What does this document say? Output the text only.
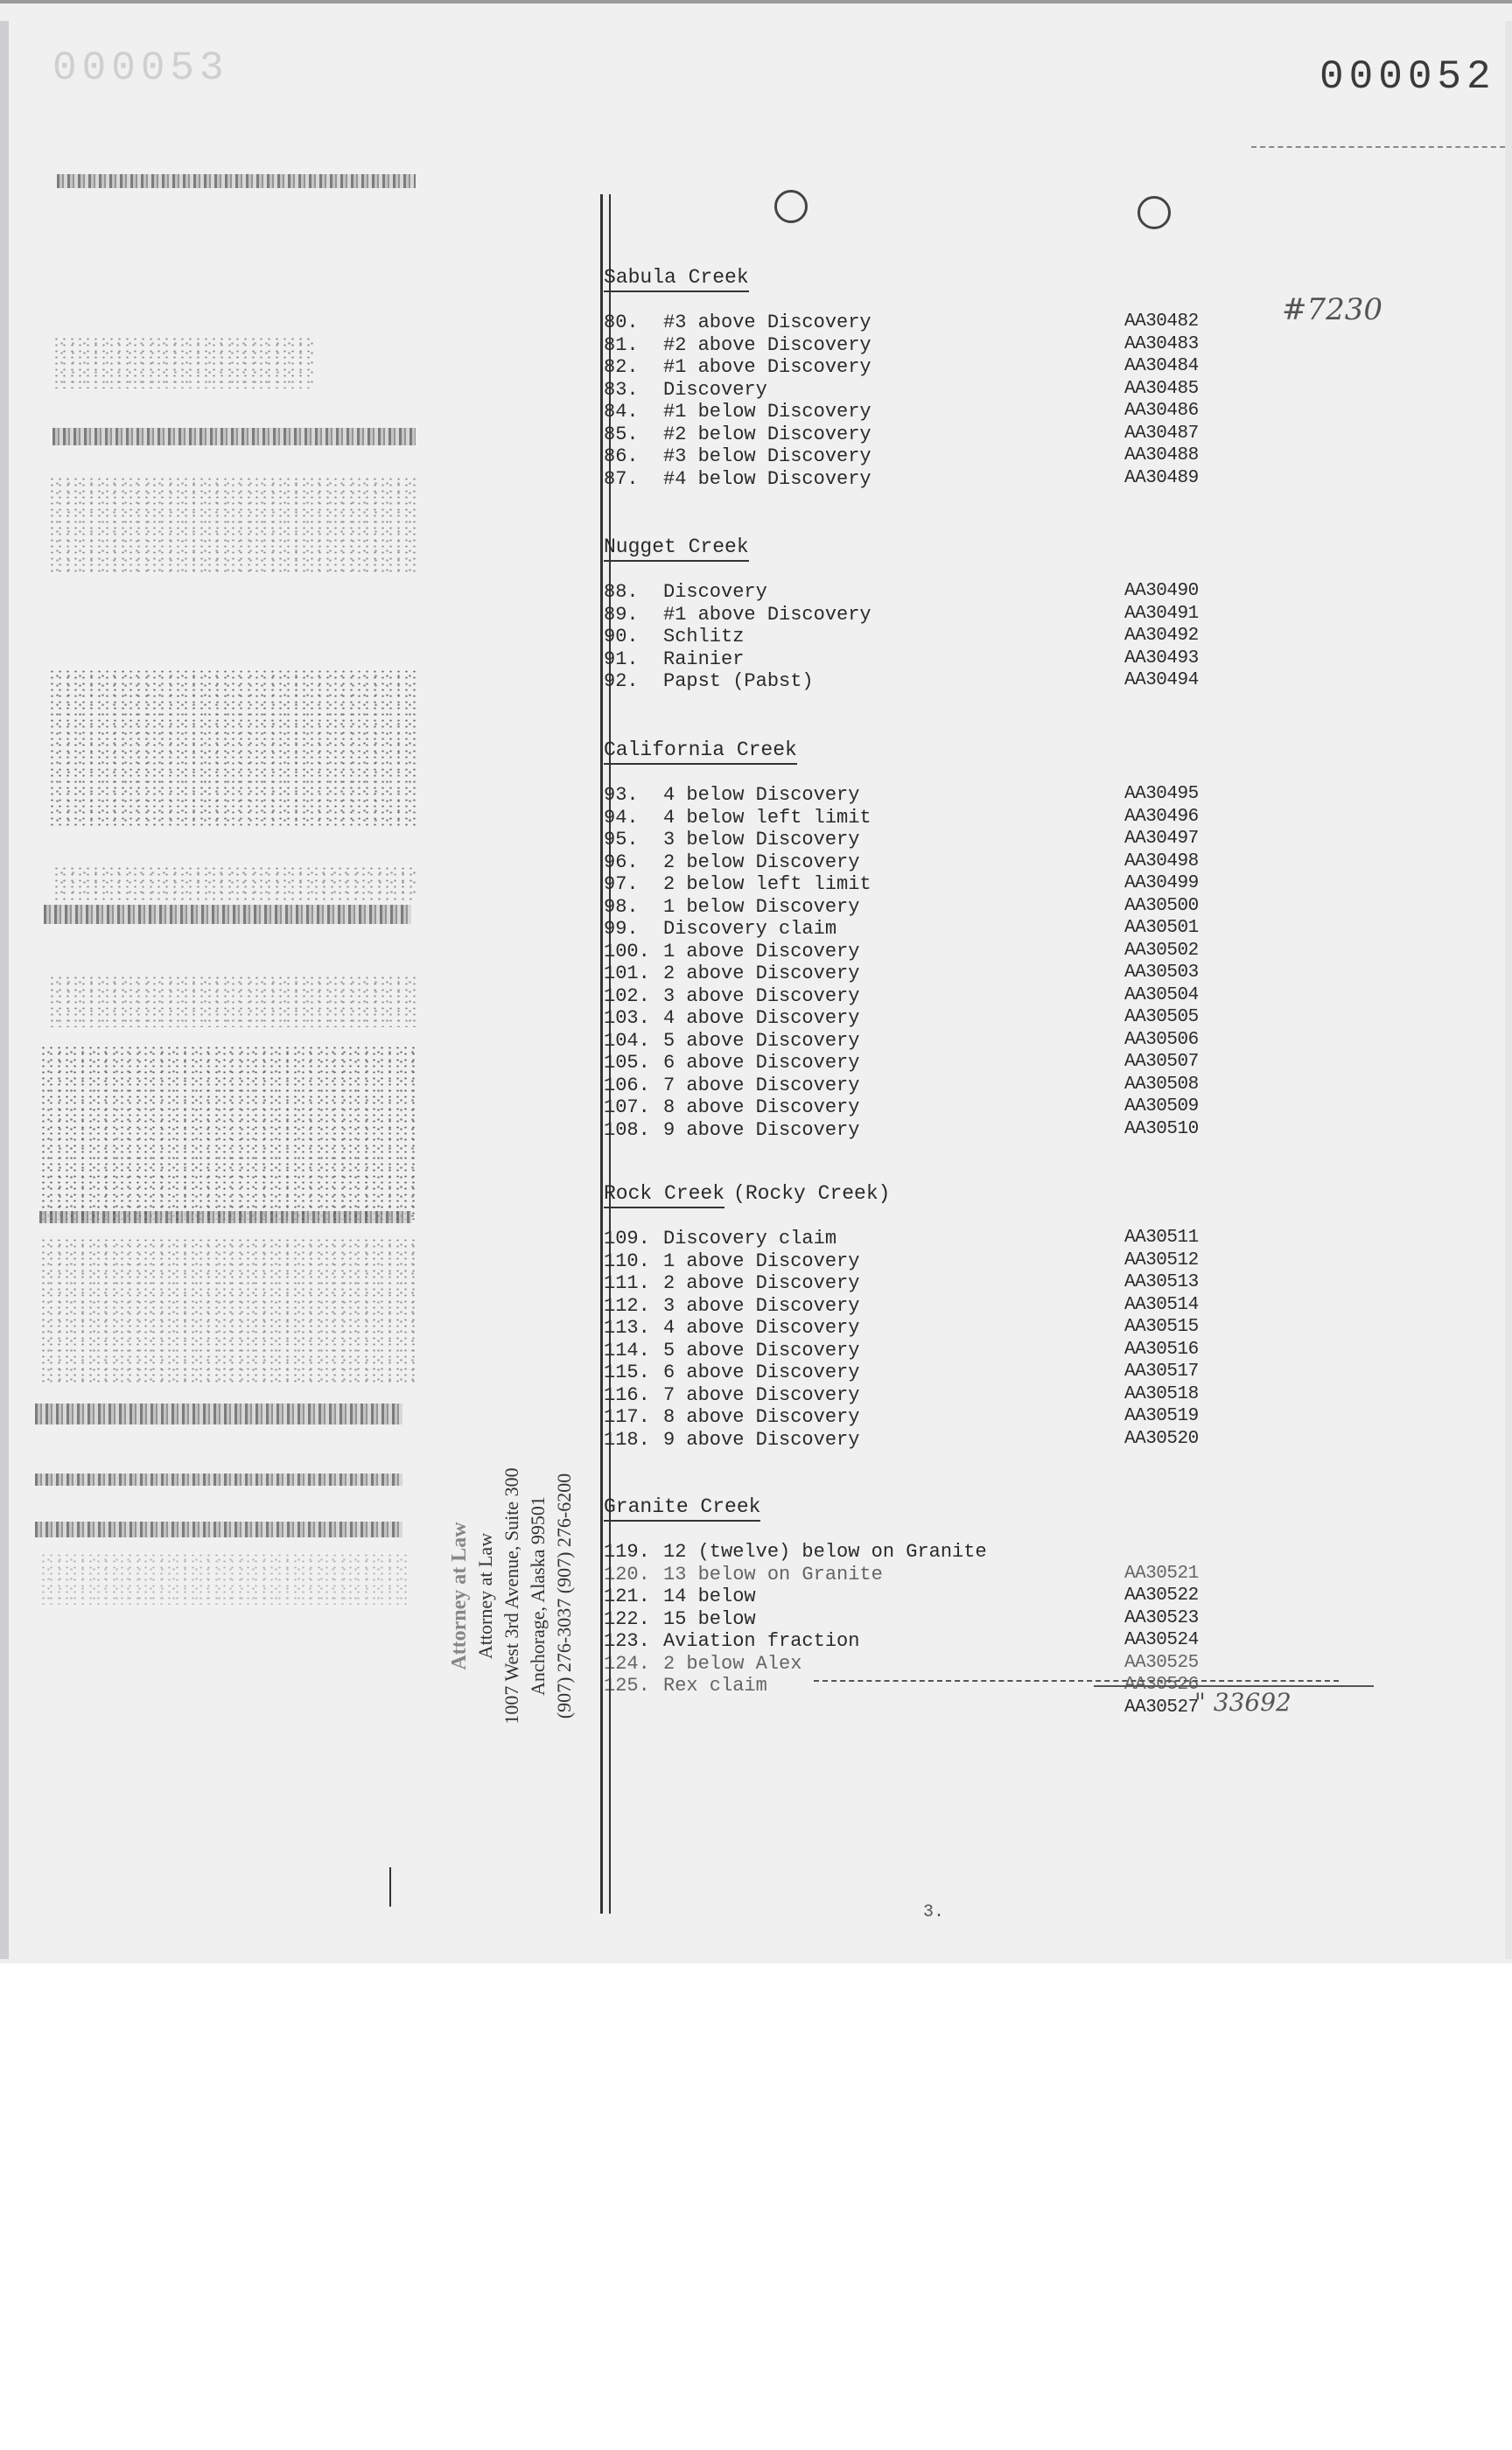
000053	000052
Attorney at Law Attorney at Law 1007 West 3rd Avenue, Suite 300 Anchorage, Alaska 99501 (907) 276-3037 (907) 276-6200
#7230
" 33692
Sabula Creek
80.	#3 above Discovery	AA30482
81.	#2 above Discovery	AA30483
82.	#1 above Discovery	AA30484
83.	Discovery	AA30485
84.	#1 below Discovery	AA30486
85.	#2 below Discovery	AA30487
86.	#3 below Discovery	AA30488
87.	#4 below Discovery	AA30489
Nugget Creek
88.	Discovery	AA30490
89.	#1 above Discovery	AA30491
90.	Schlitz	AA30492
91.	Rainier	AA30493
92.	Papst (Pabst)	AA30494
California Creek
93.	4 below Discovery	AA30495
94.	4 below left limit	AA30496
95.	3 below Discovery	AA30497
96.	2 below Discovery	AA30498
97.	2 below left limit	AA30499
98.	1 below Discovery	AA30500
99.	Discovery claim	AA30501
100. 1 above Discovery	AA30502
101. 2 above Discovery	AA30503
102. 3 above Discovery	AA30504
103. 4 above Discovery	AA30505
104. 5 above Discovery	AA30506
105. 6 above Discovery	AA30507
106. 7 above Discovery	AA30508
107. 8 above Discovery	AA30509
108. 9 above Discovery	AA30510
Rock Creek (Rocky Creek)
109. Discovery claim	AA30511
110. 1 above Discovery	AA30512
111. 2 above Discovery	AA30513
112. 3 above Discovery	AA30514
113. 4 above Discovery	AA30515
114. 5 above Discovery	AA30516
115. 6 above Discovery	AA30517
116. 7 above Discovery	AA30518
117. 8 above Discovery	AA30519
118. 9 above Discovery	AA30520
Granite Creek
119. 12 (twelve) below on Granite
120. 13 below on Granite	AA30521
121. 14 below	AA30522
122. 15 below	AA30523
123. Aviation fraction	AA30524
124. 2 below Alex	AA30525
125. Rex claim	AA30526
AA30527
3.
